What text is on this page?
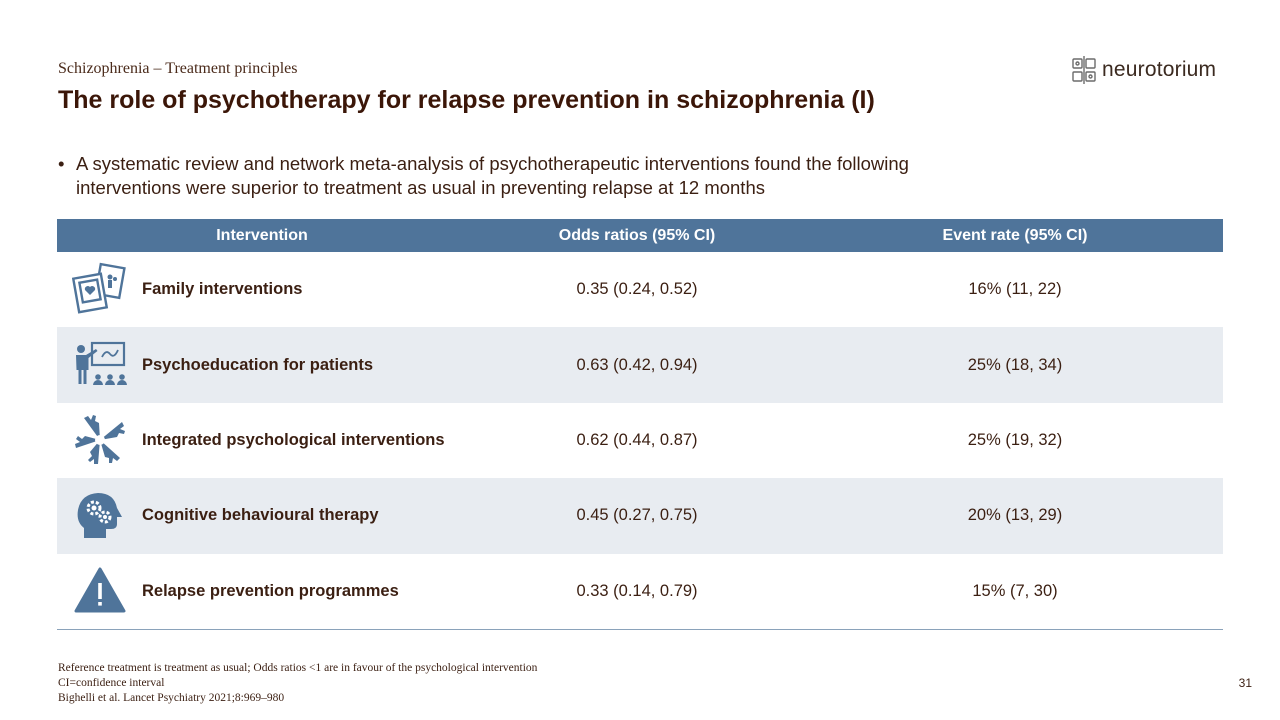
Schizophrenia – Treatment principles
The role of psychotherapy for relapse prevention in schizophrenia (I)
neurotorium
• A systematic review and network meta-analysis of psychotherapeutic interventions found the following interventions were superior to treatment as usual in preventing relapse at 12 months
Intervention	Odds ratios (95% CI)	Event rate (95% CI)
Family interventions	0.35 (0.24, 0.52)	16% (11, 22)
Psychoeducation for patients	0.63 (0.42, 0.94)	25% (18, 34)
Integrated psychological interventions	0.62 (0.44, 0.87)	25% (19, 32)
Cognitive behavioural therapy	0.45 (0.27, 0.75)	20% (13, 29)
Relapse prevention programmes	0.33 (0.14, 0.79)	15% (7, 30)
Reference treatment is treatment as usual; Odds ratios <1 are in favour of the psychological intervention
CI=confidence interval
Bighelli et al. Lancet Psychiatry 2021;8:969–980
31
